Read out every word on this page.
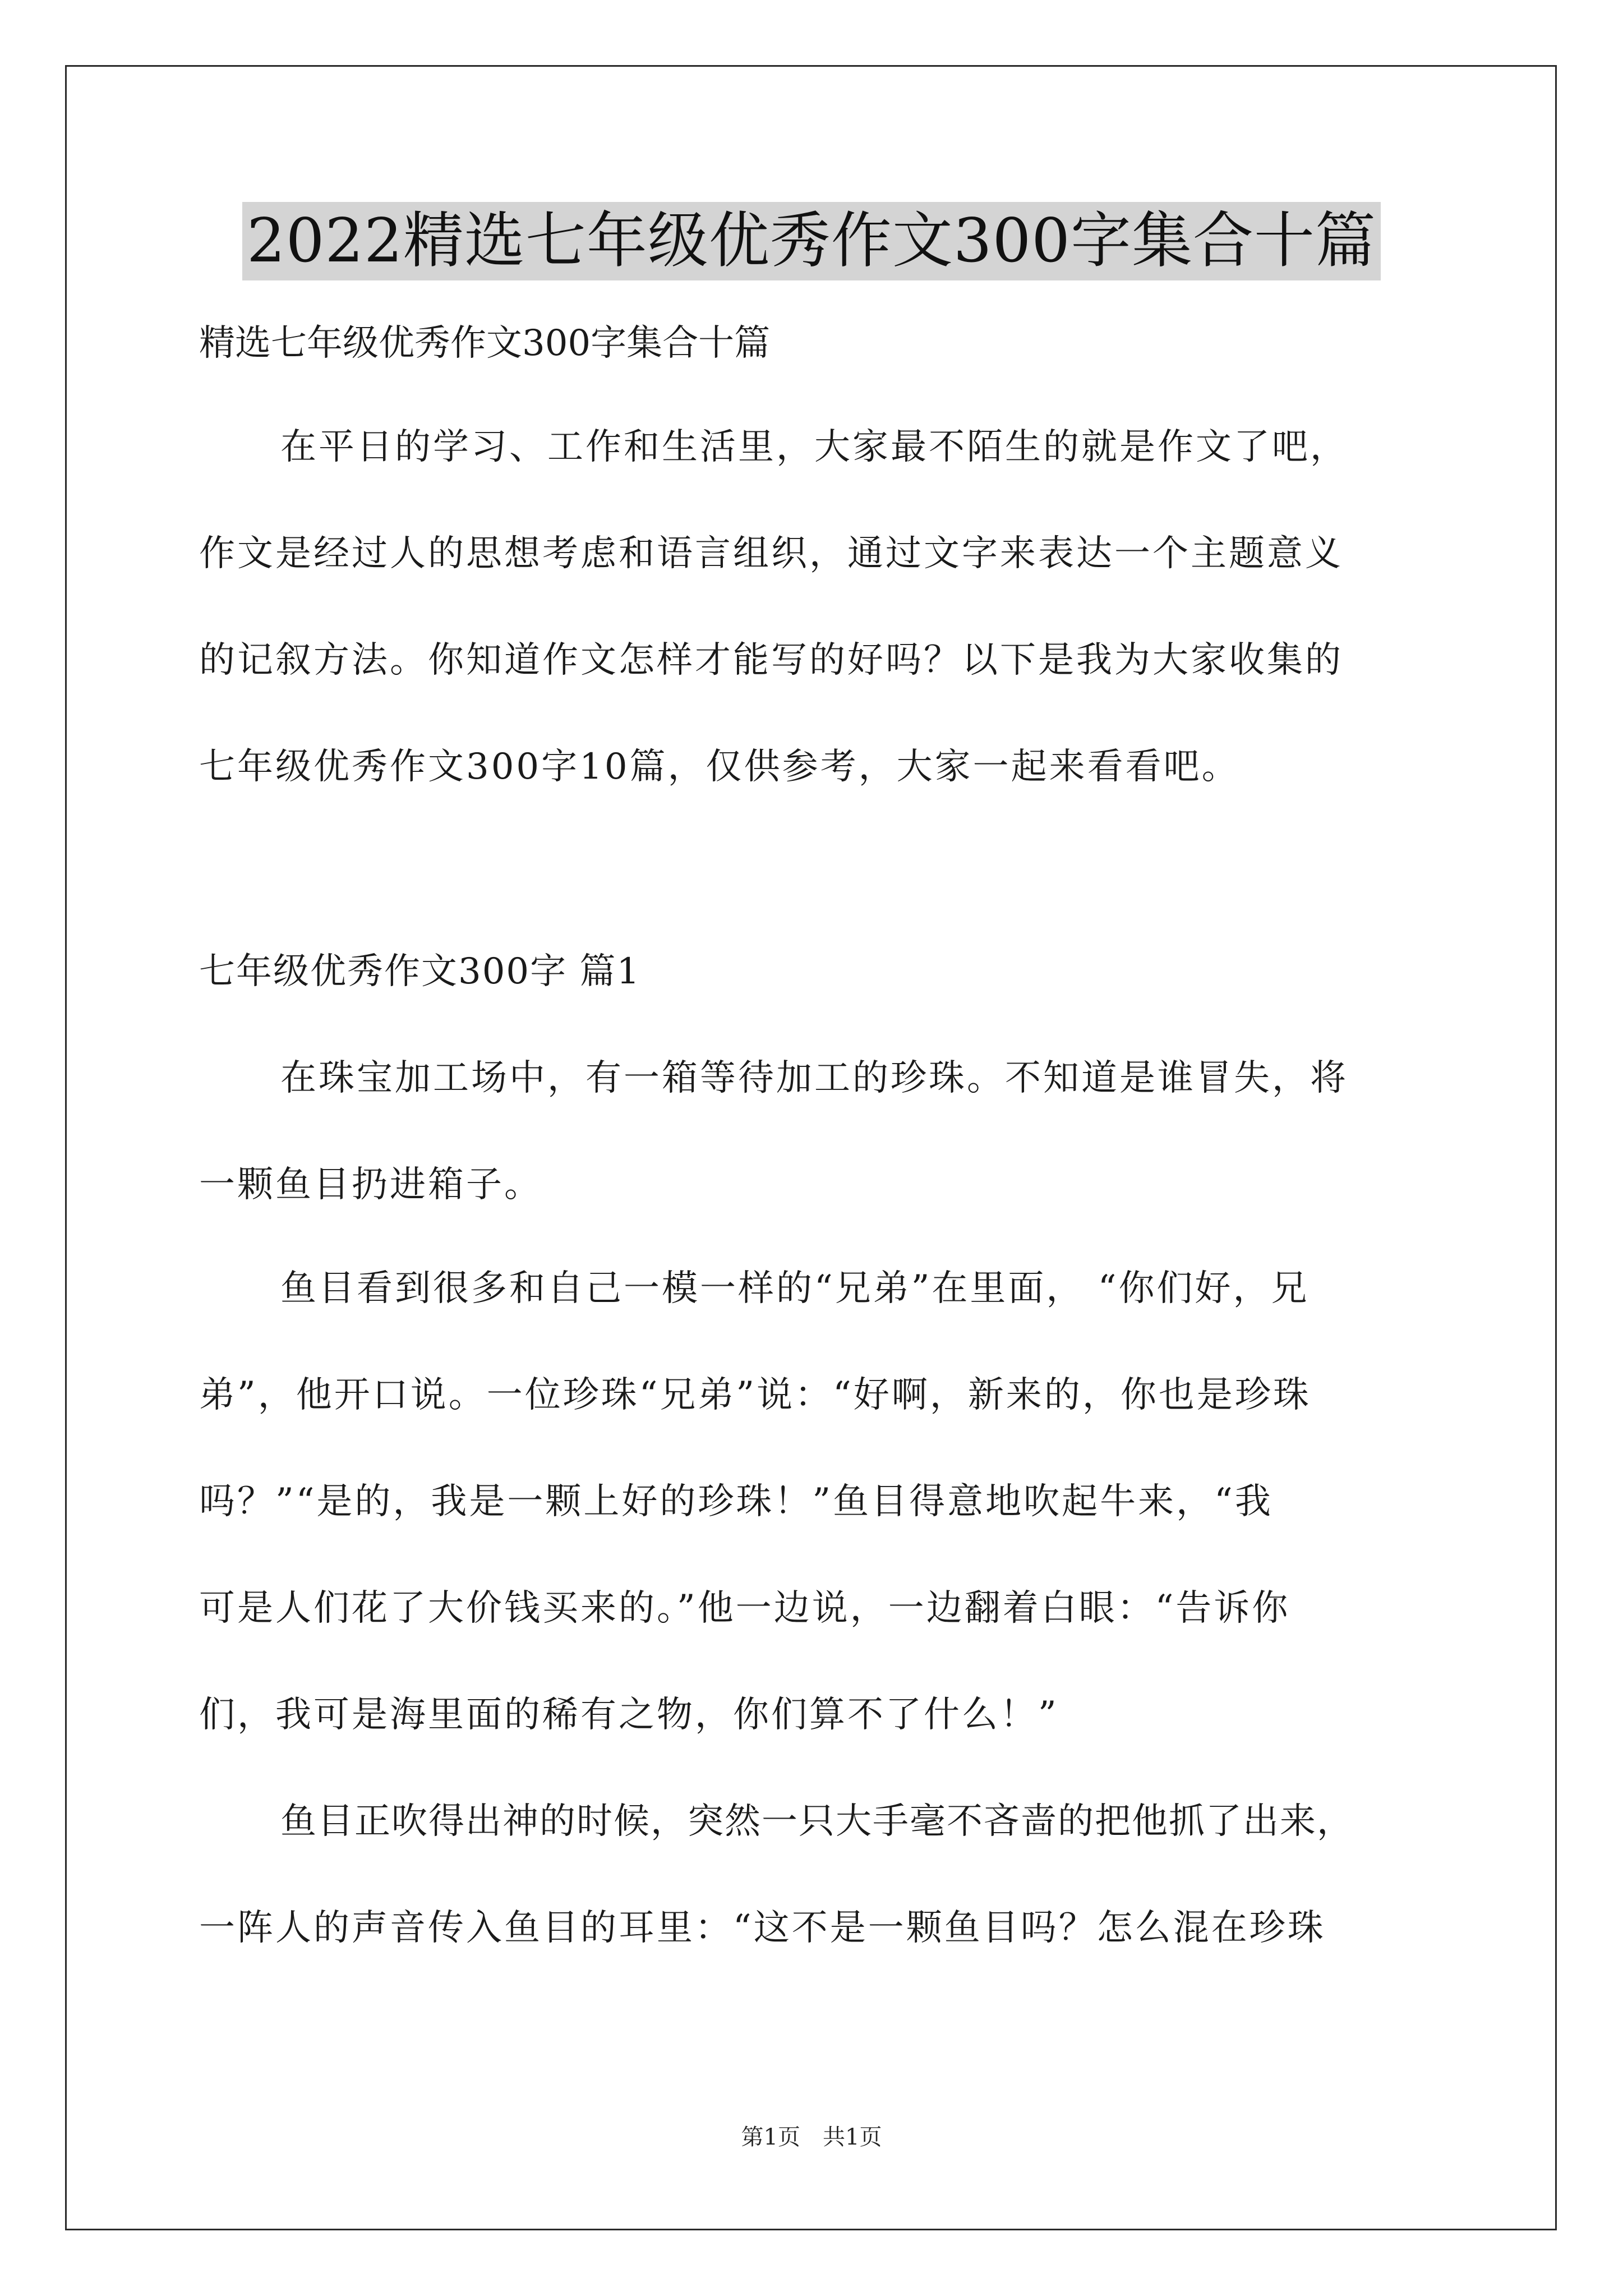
2022精选七年级优秀作文300字集合十篇
精选七年级优秀作文300字集合十篇
在平日的学习、工作和生活里，大家最不陌生的就是作文了吧，
作文是经过人的思想考虑和语言组织，通过文字来表达一个主题意义
的记叙方法。你知道作文怎样才能写的好吗？以下是我为大家收集的
七年级优秀作文300字10篇，仅供参考，大家一起来看看吧。
七年级优秀作文300字 篇1
在珠宝加工场中，有一箱等待加工的珍珠。不知道是谁冒失，将
一颗鱼目扔进箱子。
鱼目看到很多和自己一模一样的“兄弟”在里面， “你们好，兄
弟”，他开口说。一位珍珠“兄弟”说：“好啊，新来的，你也是珍珠
吗？”“是的，我是一颗上好的珍珠！”鱼目得意地吹起牛来，“我
可是人们花了大价钱买来的。”他一边说，一边翻着白眼：“告诉你
们，我可是海里面的稀有之物，你们算不了什么！”
鱼目正吹得出神的时候，突然一只大手毫不吝啬的把他抓了出来，
一阵人的声音传入鱼目的耳里：“这不是一颗鱼目吗？怎么混在珍珠
第1页　共1页
